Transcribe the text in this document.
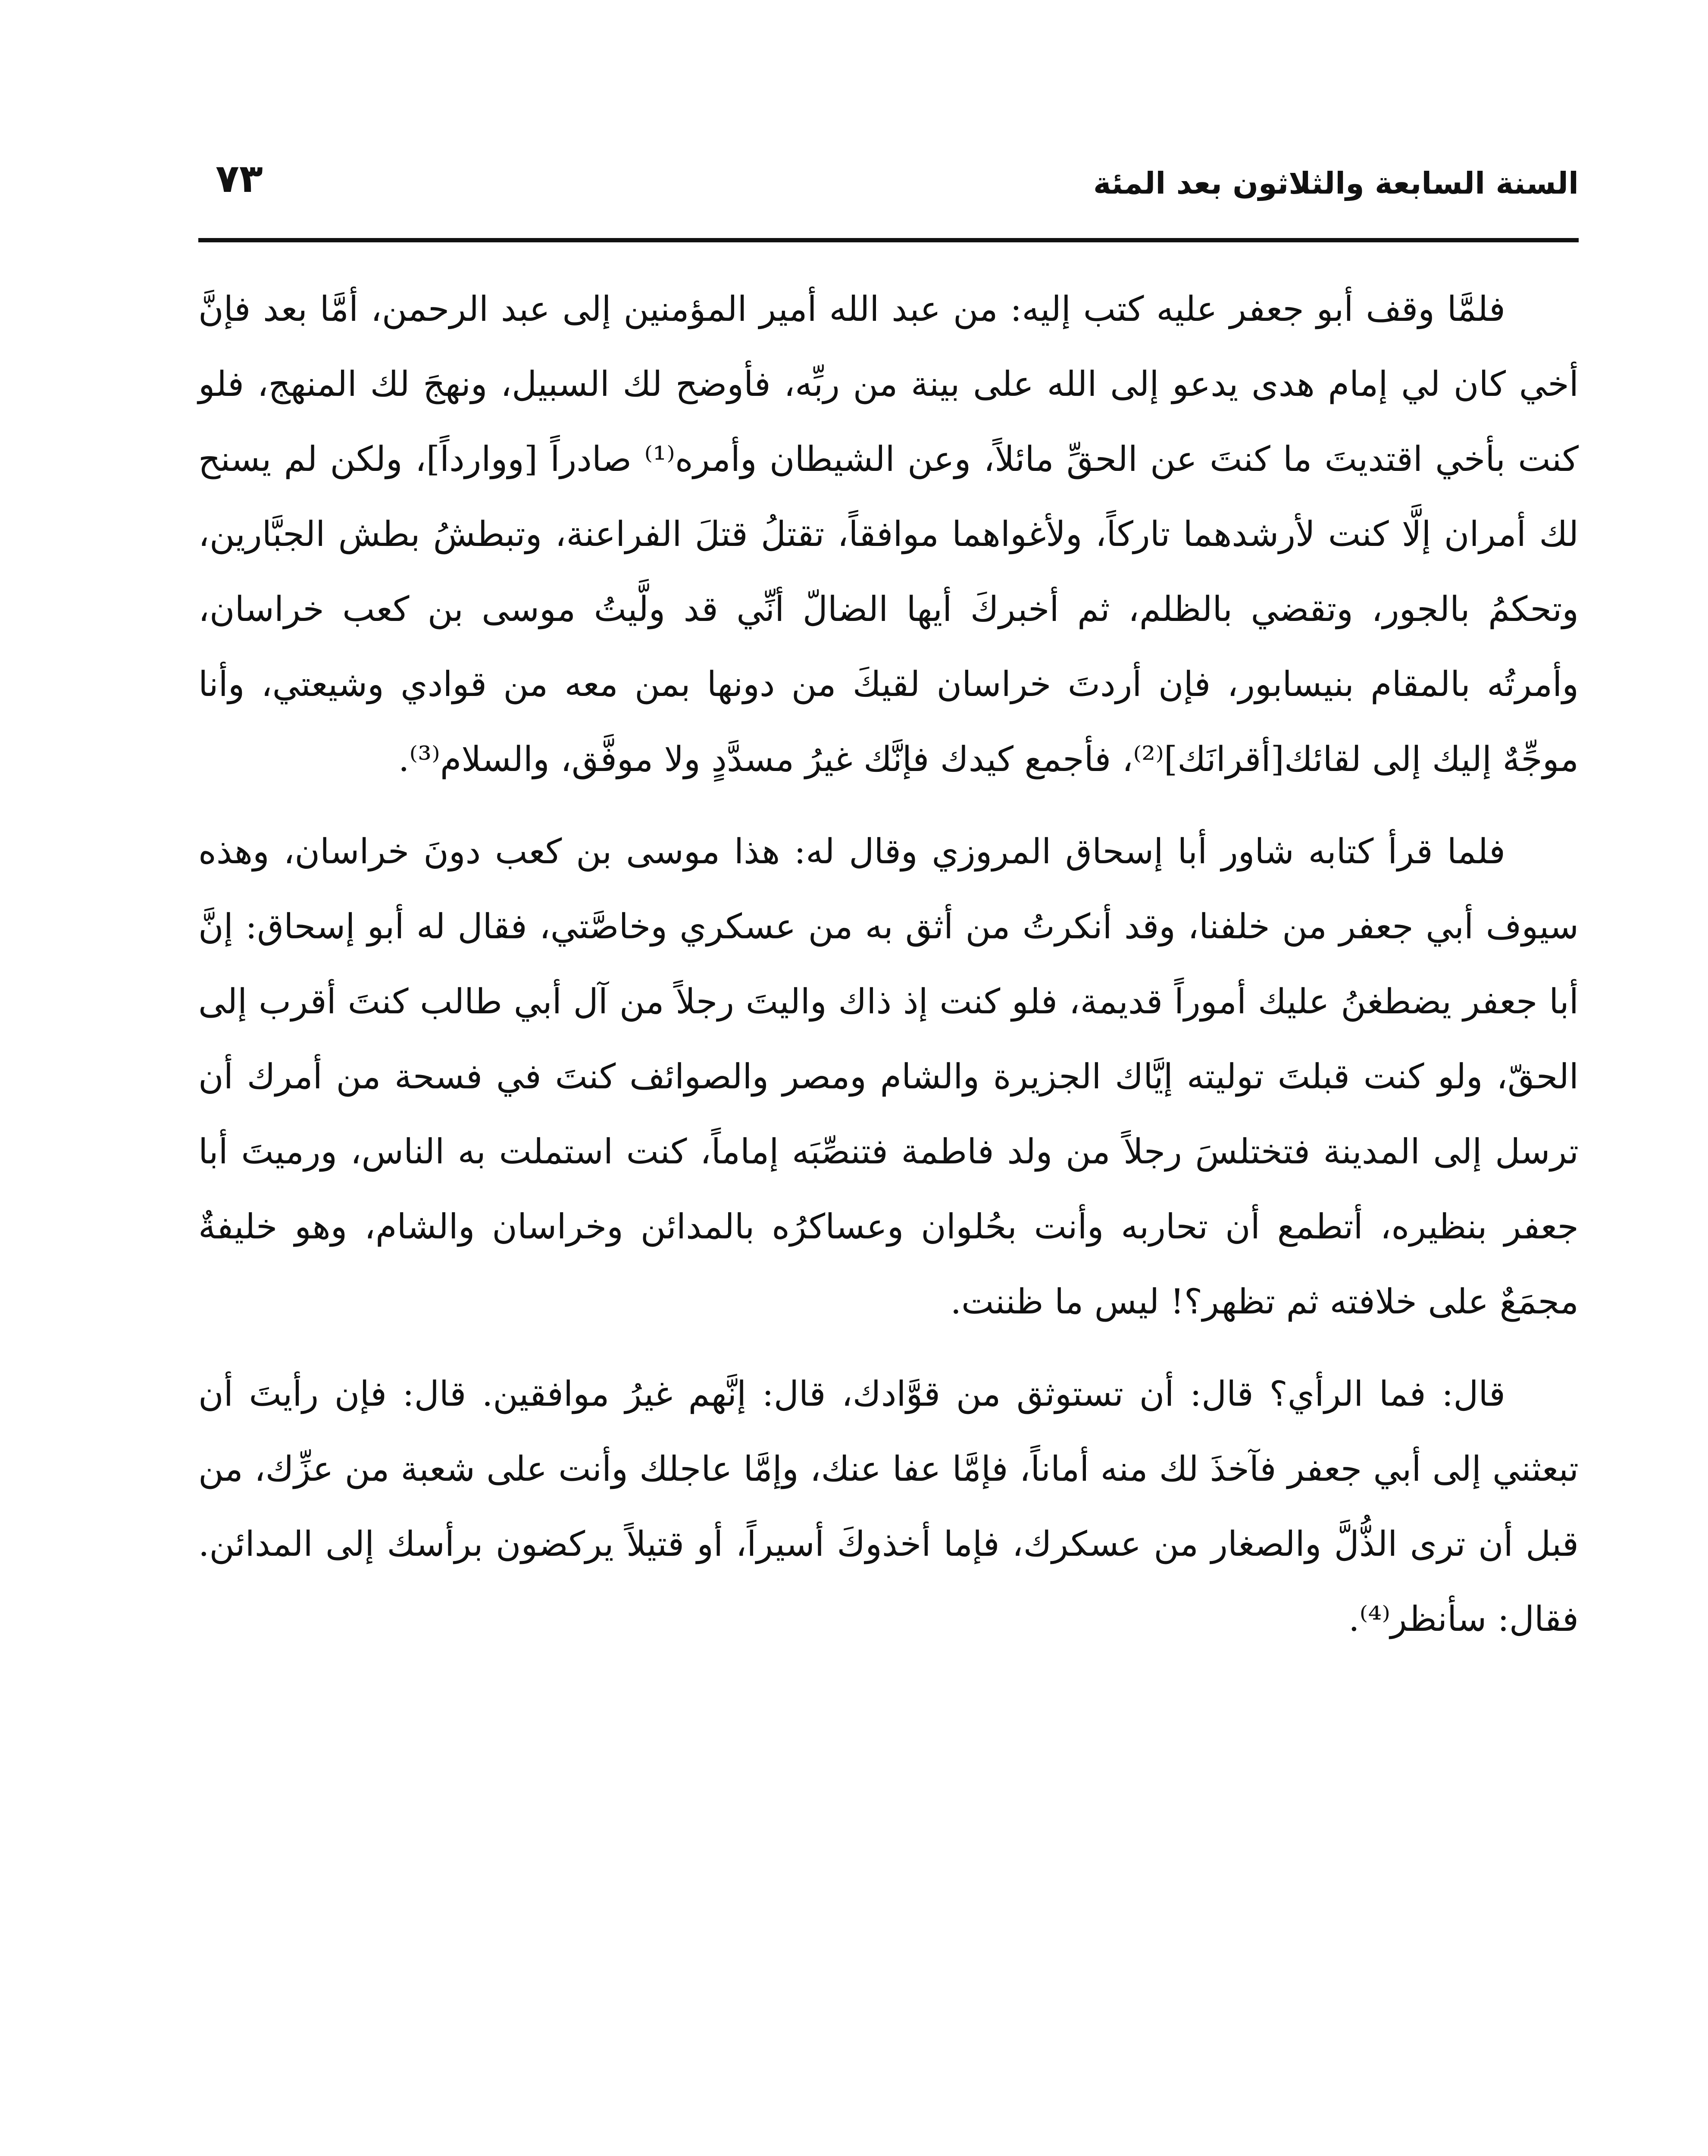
السنة السابعة والثلاثون بعد المئة
٧٣

فلمَّا وقف أبو جعفر عليه كتب إليه: من عبد الله أمير المؤمنين إلى عبد الرحمن، أمَّا بعد فإنَّ أخي كان لي إمام هدى يدعو إلى الله على بينة من ربِّه، فأوضح لك السبيل، ونهجَ لك المنهج، فلو كنت بأخي اقتديتَ ما كنتَ عن الحقِّ مائلاً، وعن الشيطان وأمره⁽¹⁾ صادراً [ووارداً]، ولكن لم يسنح لك أمران إلَّا كنت لأرشدهما تاركاً، ولأغواهما موافقاً، تقتلُ قتلَ الفراعنة، وتبطشُ بطش الجبَّارين، وتحكمُ بالجور، وتقضي بالظلم، ثم أخبركَ أيها الضالّ أنِّي قد ولَّيتُ موسى بن كعب خراسان، وأمرتُه بالمقام بنيسابور، فإن أردتَ خراسان لقيكَ من دونها بمن معه من قوادي وشيعتي، وأنا موجِّهٌ إليك إلى لقائك[أقرانَك]⁽²⁾، فأجمع كيدك فإنَّك غيرُ مسدَّدٍ ولا موفَّق، والسلام⁽³⁾.

فلما قرأ كتابه شاور أبا إسحاق المروزي وقال له: هذا موسى بن كعب دونَ خراسان، وهذه سيوف أبي جعفر من خلفنا، وقد أنكرتُ من أثق به من عسكري وخاصَّتي، فقال له أبو إسحاق: إنَّ أبا جعفر يضطغنُ عليك أموراً قديمة، فلو كنت إذ ذاك واليتَ رجلاً من آل أبي طالب كنتَ أقرب إلى الحقّ، ولو كنت قبلتَ توليته إيَّاك الجزيرة والشام ومصر والصوائف كنتَ في فسحة من أمرك أن ترسل إلى المدينة فتختلسَ رجلاً من ولد فاطمة فتنصِّبَه إماماً، كنت استملت به الناس، ورميتَ أبا جعفر بنظيره، أتطمع أن تحاربه وأنت بحُلوان وعساكرُه بالمدائن وخراسان والشام، وهو خليفةٌ مجمَعٌ على خلافته ثم تظهر؟! ليس ما ظننت.

قال: فما الرأي؟ قال: أن تستوثق من قوَّادك، قال: إنَّهم غيرُ موافقين. قال: فإن رأيتَ أن تبعثني إلى أبي جعفر فآخذَ لك منه أماناً، فإمَّا عفا عنك، وإمَّا عاجلك وأنت على شعبة من عزِّك، من قبل أن ترى الذُّلَّ والصغار من عسكرك، فإما أخذوكَ أسيراً، أو قتيلاً يركضون برأسك إلى المدائن. فقال: سأنظر⁽⁴⁾.
